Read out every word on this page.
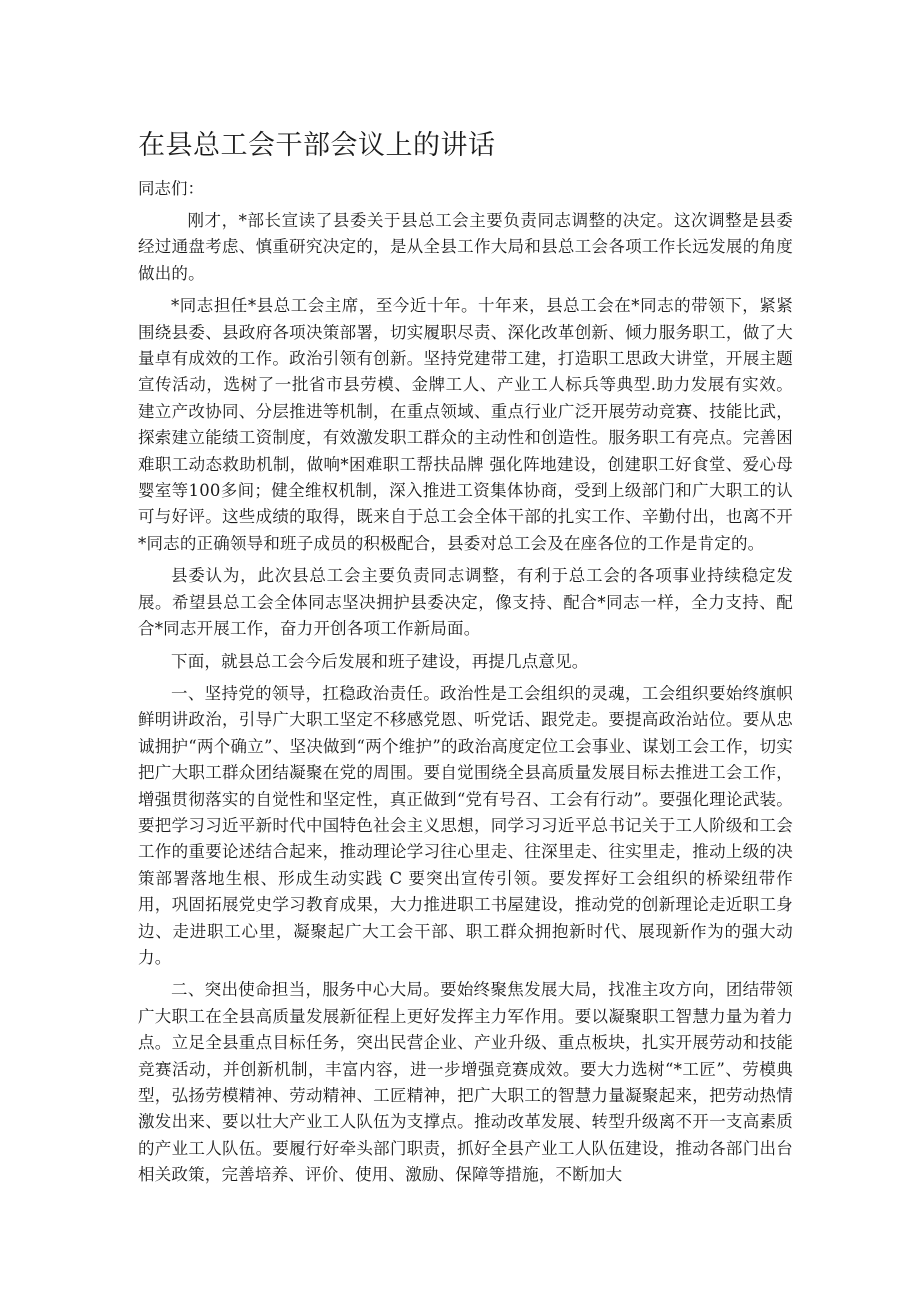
在县总工会干部会议上的讲话

同志们：

刚才，*部长宣读了县委关于县总工会主要负责同志调整的决定。这次调整是县委经过通盘考虑、慎重研究决定的，是从全县工作大局和县总工会各项工作长远发展的角度做出的。

*同志担任*县总工会主席，至今近十年。十年来，县总工会在*同志的带领下，紧紧围绕县委、县政府各项决策部署，切实履职尽责、深化改革创新、倾力服务职工，做了大量卓有成效的工作。政治引领有创新。坚持党建带工建，打造职工思政大讲堂，开展主题宣传活动，选树了一批省市县劳模、金牌工人、产业工人标兵等典型.助力发展有实效。建立产改协同、分层推进等机制，在重点领域、重点行业广泛开展劳动竞赛、技能比武，探索建立能绩工资制度，有效激发职工群众的主动性和创造性。服务职工有亮点。完善困难职工动态救助机制，做响*困难职工帮扶品牌 强化阵地建设，创建职工好食堂、爱心母婴室等100多间；健全维权机制，深入推进工资集体协商，受到上级部门和广大职工的认可与好评。这些成绩的取得，既来自于总工会全体干部的扎实工作、辛勤付出，也离不开*同志的正确领导和班子成员的积极配合，县委对总工会及在座各位的工作是肯定的。

县委认为，此次县总工会主要负责同志调整，有利于总工会的各项事业持续稳定发展。希望县总工会全体同志坚决拥护县委决定，像支持、配合*同志一样，全力支持、配合*同志开展工作，奋力开创各项工作新局面。

下面，就县总工会今后发展和班子建设，再提几点意见。

一、坚持党的领导，扛稳政治责任。政治性是工会组织的灵魂，工会组织要始终旗帜鲜明讲政治，引导广大职工坚定不移感党恩、听党话、跟党走。要提高政治站位。要从忠诚拥护“两个确立”、坚决做到“两个维护”的政治高度定位工会事业、谋划工会工作，切实把广大职工群众团结凝聚在党的周围。要自觉围绕全县高质量发展目标去推进工会工作，增强贯彻落实的自觉性和坚定性，真正做到“党有号召、工会有行动”。要强化理论武装。要把学习习近平新时代中国特色社会主义思想，同学习习近平总书记关于工人阶级和工会工作的重要论述结合起来，推动理论学习往心里走、往深里走、往实里走，推动上级的决策部署落地生根、形成生动实践 C 要突出宣传引领。要发挥好工会组织的桥梁纽带作用，巩固拓展党史学习教育成果，大力推进职工书屋建设，推动党的创新理论走近职工身边、走进职工心里，凝聚起广大工会干部、职工群众拥抱新时代、展现新作为的强大动力。

二、突出使命担当，服务中心大局。要始终聚焦发展大局，找准主攻方向，团结带领广大职工在全县高质量发展新征程上更好发挥主力军作用。要以凝聚职工智慧力量为着力点。立足全县重点目标任务，突出民营企业、产业升级、重点板块，扎实开展劳动和技能竞赛活动，并创新机制，丰富内容，进一步增强竞赛成效。要大力选树“*工匠”、劳模典型，弘扬劳模精神、劳动精神、工匠精神，把广大职工的智慧力量凝聚起来，把劳动热情激发出来、要以壮大产业工人队伍为支撑点。推动改革发展、转型升级离不开一支高素质的产业工人队伍。要履行好牵头部门职责，抓好全县产业工人队伍建设，推动各部门出台相关政策，完善培养、评价、使用、激励、保障等措施，不断加大
